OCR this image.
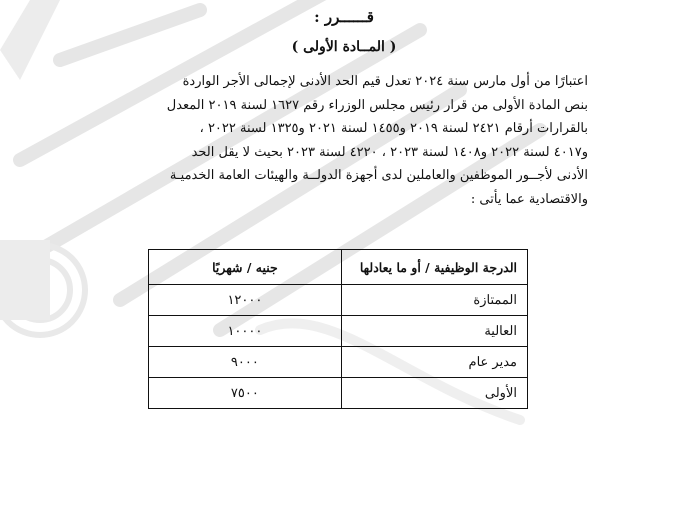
قــــــرر :
( المــادة الأولى )
اعتبارًا من أول مارس سنة ٢٠٢٤ تعدل قيم الحد الأدنى لإجمالى الأجر الواردة
بنص المادة الأولى من قرار رئيس مجلس الوزراء رقم ١٦٢٧ لسنة ٢٠١٩ المعدل
بالقرارات أرقام ٢٤٢١ لسنة ٢٠١٩ و١٤٥٥ لسنة ٢٠٢١ و١٣٢٥ لسنة ٢٠٢٢ ،
و٤٠١٧ لسنة ٢٠٢٢ و١٤٠٨ لسنة ٢٠٢٣ ، ٤٢٢٠ لسنة ٢٠٢٣ بحيث لا يقل الحد
الأدنى لأجــور الموظفين والعاملين لدى أجهزة الدولــة والهيئات العامة الخدميـة
والاقتصادية عما يأتى :
الدرجة الوظيفية / أو ما يعادلها	جنيه / شهريًا
الممتازة	١٢٠٠٠
العالية	١٠٠٠٠
مدير عام	٩٠٠٠
الأولى	٧٥٠٠
